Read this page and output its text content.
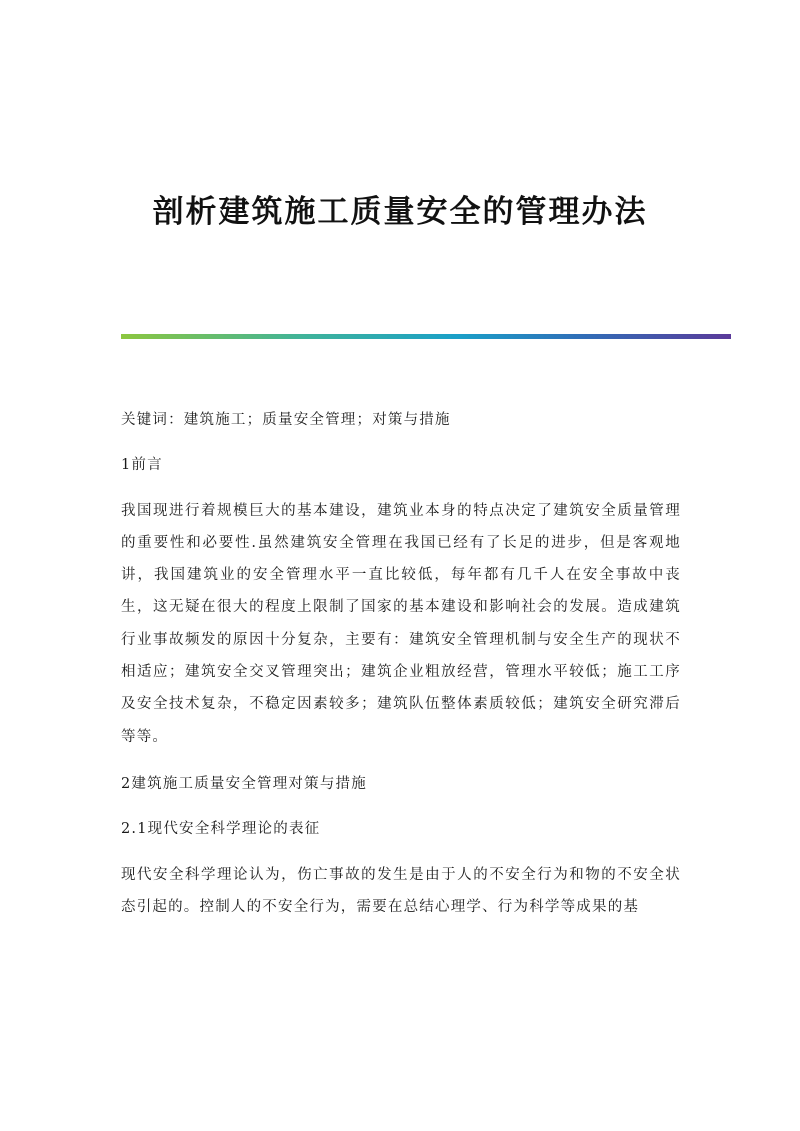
剖析建筑施工质量安全的管理办法

关键词：建筑施工；质量安全管理；对策与措施

1前言

我国现进行着规模巨大的基本建设，建筑业本身的特点决定了建筑安全质量管理的重要性和必要性.虽然建筑安全管理在我国已经有了长足的进步，但是客观地讲，我国建筑业的安全管理水平一直比较低，每年都有几千人在安全事故中丧生，这无疑在很大的程度上限制了国家的基本建设和影响社会的发展。造成建筑行业事故频发的原因十分复杂，主要有：建筑安全管理机制与安全生产的现状不相适应；建筑安全交叉管理突出；建筑企业粗放经营，管理水平较低；施工工序及安全技术复杂，不稳定因素较多；建筑队伍整体素质较低；建筑安全研究滞后等等。

2建筑施工质量安全管理对策与措施

2.1现代安全科学理论的表征

现代安全科学理论认为，伤亡事故的发生是由于人的不安全行为和物的不安全状态引起的。控制人的不安全行为，需要在总结心理学、行为科学等成果的基
